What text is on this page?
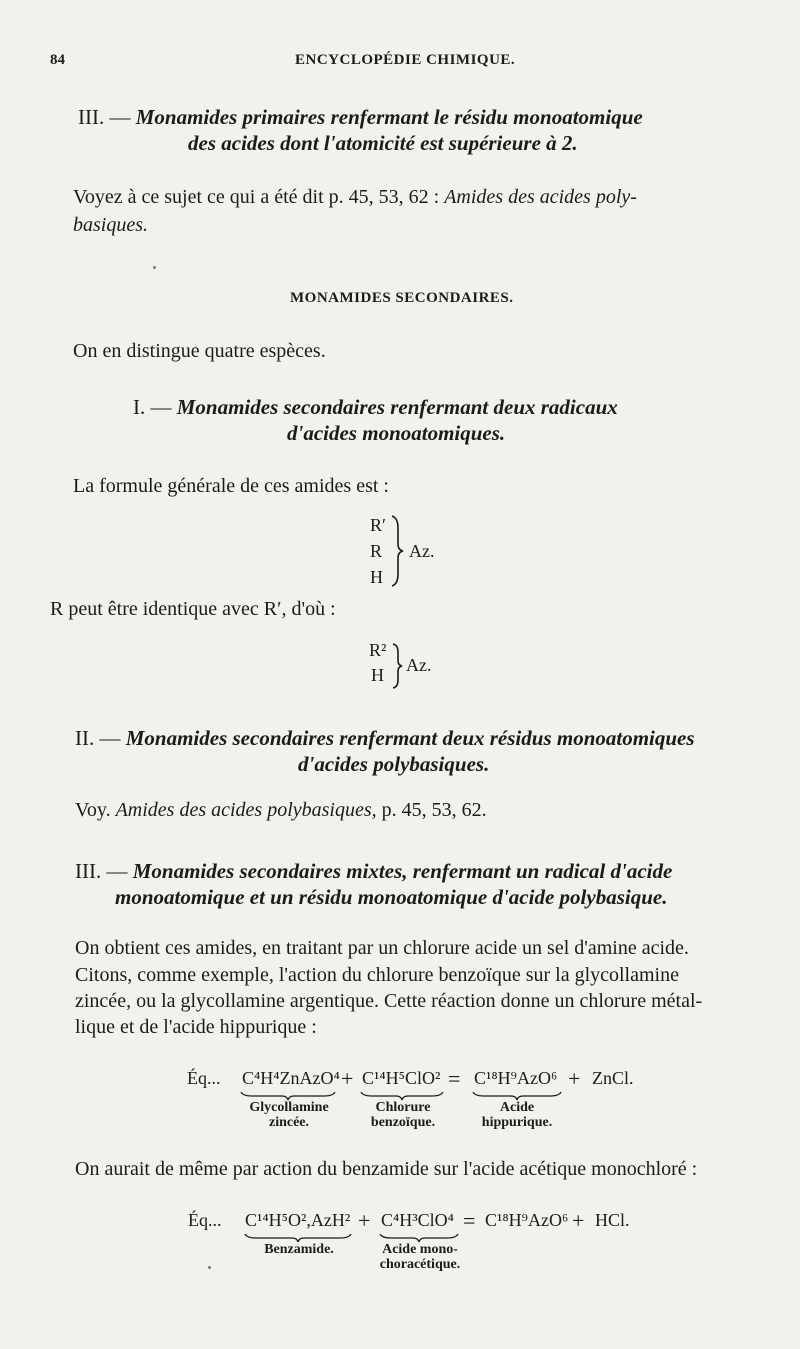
84	ENCYCLOPÉDIE CHIMIQUE.
III. — Monamides primaires renfermant le résidu monoatomique
des acides dont l'atomicité est supérieure à 2.
Voyez à ce sujet ce qui a été dit p. 45, 53, 62 : Amides des acides poly-
basiques.
MONAMIDES SECONDAIRES.
On en distingue quatre espèces.
I. — Monamides secondaires renfermant deux radicaux
d'acides monoatomiques.
La formule générale de ces amides est :
R′
R
H
Az.
R peut être identique avec R′, d'où :
R²
H Az.
II. — Monamides secondaires renfermant deux résidus monoatomiques
d'acides polybasiques.
Voy. Amides des acides polybasiques, p. 45, 53, 62.
III. — Monamides secondaires mixtes, renfermant un radical d'acide
monoatomique et un résidu monoatomique d'acide polybasique.
On obtient ces amides, en traitant par un chlorure acide un sel d'amine acide.
Citons, comme exemple, l'action du chlorure benzoïque sur la glycollamine
zincée, ou la glycollamine argentique. Cette réaction donne un chlorure métal-
lique et de l'acide hippurique :
Éq... C⁴H⁴ZnAzO⁴ + C¹⁴H⁵ClO² = C¹⁸H⁹AzO⁶ + ZnCl.
Glycollamine
zincée.
Chlorure
benzoïque.
Acide
hippurique.
On aurait de même par action du benzamide sur l'acide acétique monochloré :
Éq... C¹⁴H⁵O²,AzH² + C⁴H³ClO⁴ = C¹⁸H⁹AzO⁶ + HCl.
Benzamide.	Acide mono-
choracétique.
